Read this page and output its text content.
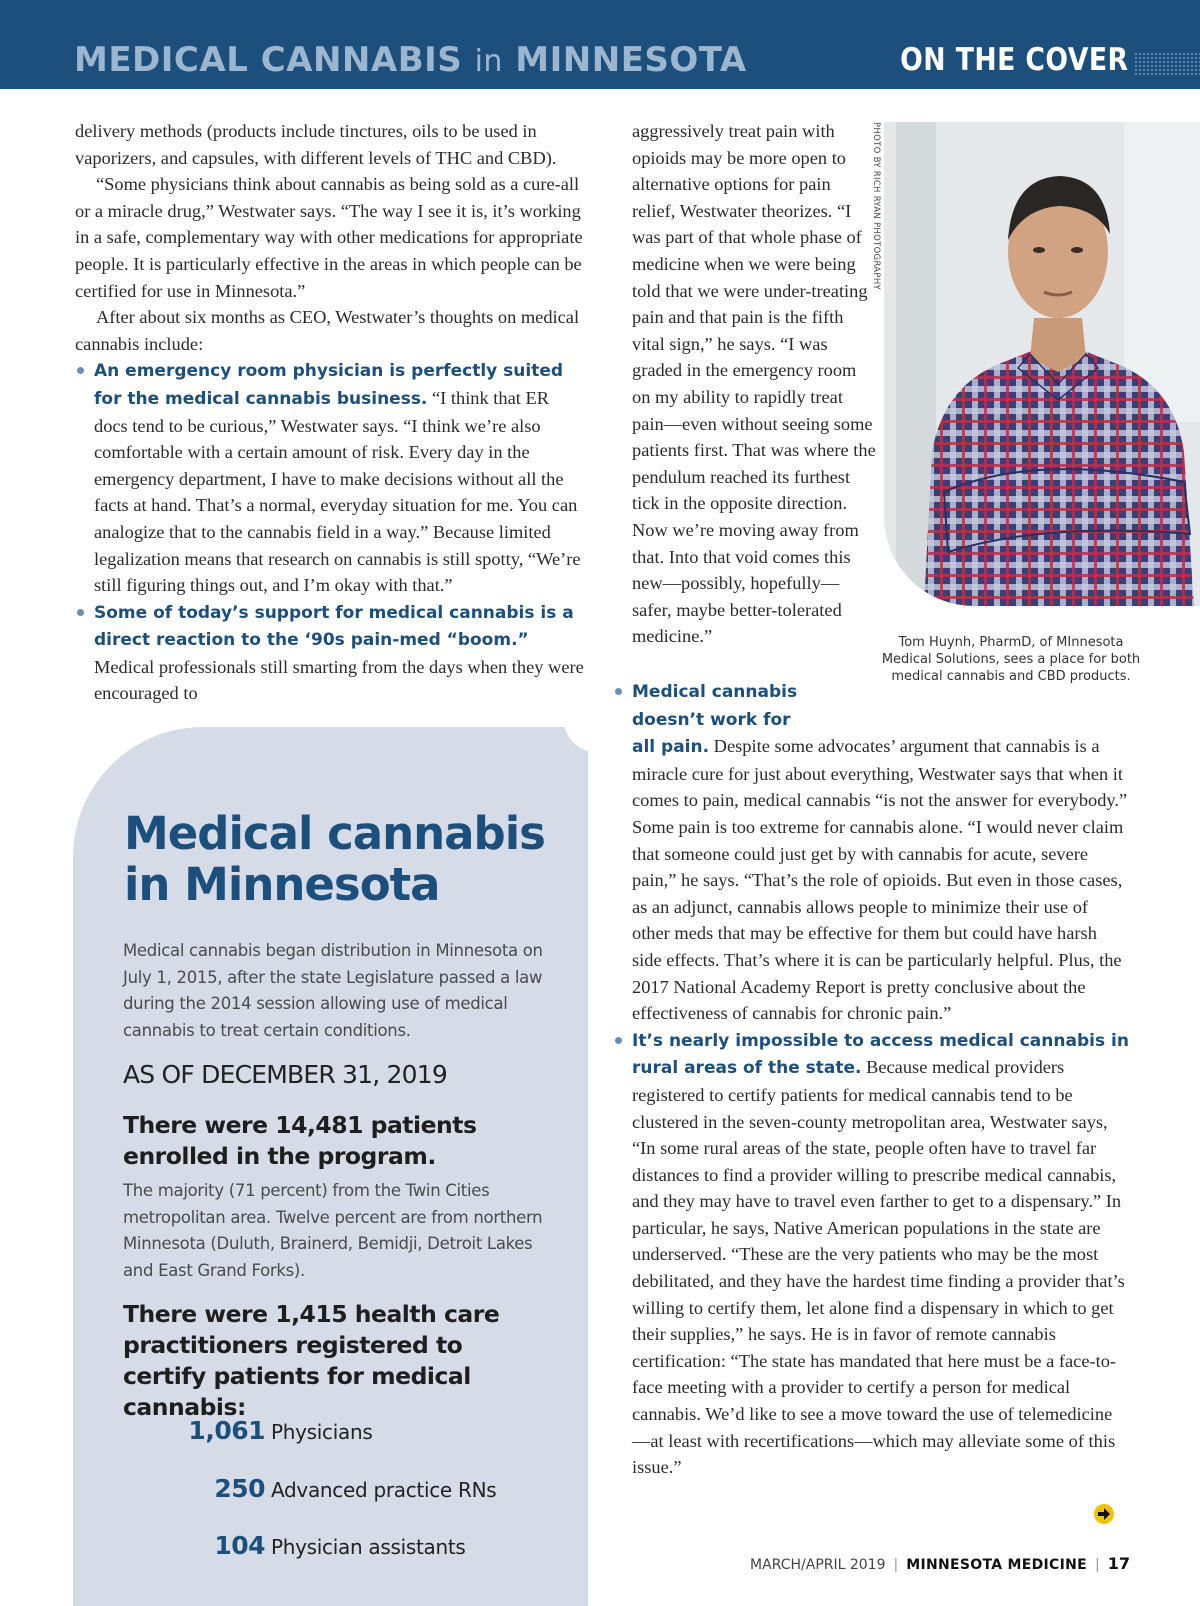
MEDICAL CANNABIS in MINNESOTA	ON THE COVER

delivery methods (products include tinctures, oils to be used in vaporizers, and capsules, with different levels of THC and CBD).

“Some physicians think about cannabis as being sold as a cure-all or a miracle drug,” Westwater says. “The way I see it is, it’s working in a safe, complementary way with other medications for appropriate people. It is particularly effective in the areas in which people can be certified for use in Minnesota.”

After about six months as CEO, Westwater’s thoughts on medical cannabis include:

An emergency room physician is perfectly suited for the medical cannabis business. “I think that ER docs tend to be curious,” Westwater says. “I think we’re also comfortable with a certain amount of risk. Every day in the emergency department, I have to make decisions without all the facts at hand. That’s a normal, everyday situation for me. You can analogize that to the cannabis field in a way.” Because limited legalization means that research on cannabis is still spotty, “We’re still figuring things out, and I’m okay with that.”
Some of today’s support for medical cannabis is a direct reaction to the ‘90s pain-med “boom.” Medical professionals still smarting from the days when they were encouraged to

aggressively treat pain with opioids may be more open to alternative options for pain relief, Westwater theorizes. “I was part of that whole phase of medicine when we were being told that we were under-treating pain and that pain is the fifth vital sign,” he says. “I was graded in the emergency room on my ability to rapidly treat pain—even without seeing some patients first. That was where the pendulum reached its furthest tick in the opposite direction. Now we’re moving away from that. Into that void comes this new—possibly, hopefully—safer, maybe better-tolerated medicine.”

PHOTO BY RICH RYAN PHOTOGRAPHY
Tom Huynh, PharmD, of MInnesota Medical Solutions, sees a place for both medical cannabis and CBD products.
Medical cannabis doesn’t work for all pain. Despite some advocates’ argument that cannabis is a miracle cure for just about everything, Westwater says that when it comes to pain, medical cannabis “is not the answer for everybody.” Some pain is too extreme for cannabis alone. “I would never claim that someone could just get by with cannabis for acute, severe pain,” he says. “That’s the role of opioids. But even in those cases, as an adjunct, cannabis allows people to minimize their use of other meds that may be effective for them but could have harsh side effects. That’s where it is can be particularly helpful. Plus, the 2017 National Academy Report is pretty conclusive about the effectiveness of cannabis for chronic pain.”
It’s nearly impossible to access medical cannabis in rural areas of the state. Because medical providers registered to certify patients for medical cannabis tend to be clustered in the seven-county metropolitan area, Westwater says, “In some rural areas of the state, people often have to travel far distances to find a provider willing to prescribe medical cannabis, and they may have to travel even farther to get to a dispensary.” In particular, he says, Native American populations in the state are underserved. “These are the very patients who may be the most debilitated, and they have the hardest time finding a provider that’s willing to certify them, let alone find a dispensary in which to get their supplies,” he says. He is in favor of remote cannabis certification: “The state has mandated that here must be a face-to-face meeting with a provider to certify a person for medical cannabis. We’d like to see a move toward the use of telemedicine—at least with recertifications—which may alleviate some of this issue.”
Medical cannabis
in Minnesota
Medical cannabis began distribution in Minnesota on July 1, 2015, after the state Legislature passed a law during the 2014 session allowing use of medical cannabis to treat certain conditions.
AS OF DECEMBER 31, 2019
There were 14,481 patients enrolled in the program.
The majority (71 percent) from the Twin Cities metropolitan area. Twelve percent are from northern Minnesota (Duluth, Brainerd, Bemidji, Detroit Lakes and East Grand Forks).
There were 1,415 health care practitioners registered to certify patients for medical cannabis:
1,061 Physicians
250 Advanced practice RNs
104 Physician assistants
MARCH/APRIL 2019 | MINNESOTA MEDICINE | 17
